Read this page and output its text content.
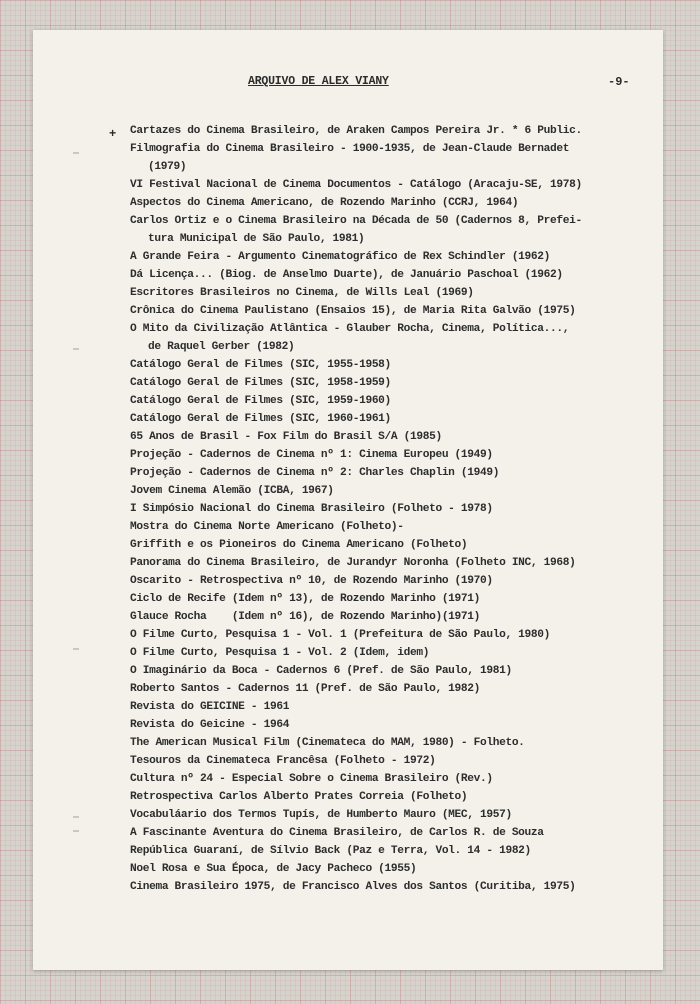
ARQUIVO DE ALEX VIANY	-9-
+ Cartazes do Cinema Brasileiro, de Araken Campos Pereira Jr. * 6 Public.
Filmografia do Cinema Brasileiro - 1900-1935, de Jean-Claude Bernadet
(1979)
VI Festival Nacional de Cinema Documentos - Catálogo (Aracaju-SE, 1978)
Aspectos do Cinema Americano, de Rozendo Marinho (CCRJ, 1964)
Carlos Ortiz e o Cinema Brasileiro na Década de 50 (Cadernos 8, Prefei-
tura Municipal de São Paulo, 1981)
A Grande Feira - Argumento Cinematográfico de Rex Schindler (1962)
Dá Licença... (Biog. de Anselmo Duarte), de Januário Paschoal (1962)
Escritores Brasileiros no Cinema, de Wills Leal (1969)
Crônica do Cinema Paulistano (Ensaios 15), de Maria Rita Galvão (1975)
O Mito da Civilização Atlântica - Glauber Rocha, Cinema, Política...,
de Raquel Gerber (1982)
Catálogo Geral de Filmes (SIC, 1955-1958)
Catálogo Geral de Filmes (SIC, 1958-1959)
Catálogo Geral de Filmes (SIC, 1959-1960)
Catálogo Geral de Filmes (SIC, 1960-1961)
65 Anos de Brasil - Fox Film do Brasil S/A (1985)
Projeção - Cadernos de Cinema nº 1: Cinema Europeu (1949)
Projeção - Cadernos de Cinema nº 2: Charles Chaplin (1949)
Jovem Cinema Alemão (ICBA, 1967)
I Simpósio Nacional do Cinema Brasileiro (Folheto - 1978)
Mostra do Cinema Norte Americano (Folheto)-
Griffith e os Pioneiros do Cinema Americano (Folheto)
Panorama do Cinema Brasileiro, de Jurandyr Noronha (Folheto INC, 1968)
Oscarito - Retrospectiva nº 10, de Rozendo Marinho (1970)
Ciclo de Recife (Idem nº 13), de Rozendo Marinho (1971)
Glauce Rocha    (Idem nº 16), de Rozendo Marinho)(1971)
O Filme Curto, Pesquisa 1 - Vol. 1 (Prefeitura de São Paulo, 1980)
O Filme Curto, Pesquisa 1 - Vol. 2 (Idem, idem)
O Imaginário da Boca - Cadernos 6 (Pref. de São Paulo, 1981)
Roberto Santos - Cadernos 11 (Pref. de São Paulo, 1982)
Revista do GEICINE - 1961
Revista do Geicine - 1964
The American Musical Film (Cinemateca do MAM, 1980) - Folheto.
Tesouros da Cinemateca Francêsa (Folheto - 1972)
Cultura nº 24 - Especial Sobre o Cinema Brasileiro (Rev.)
Retrospectiva Carlos Alberto Prates Correia (Folheto)
Vocabuláario dos Termos Tupís, de Humberto Mauro (MEC, 1957)
A Fascinante Aventura do Cinema Brasileiro, de Carlos R. de Souza
República Guaraní, de Sílvio Back (Paz e Terra, Vol. 14 - 1982)
Noel Rosa e Sua Época, de Jacy Pacheco (1955)
Cinema Brasileiro 1975, de Francisco Alves dos Santos (Curitiba, 1975)
